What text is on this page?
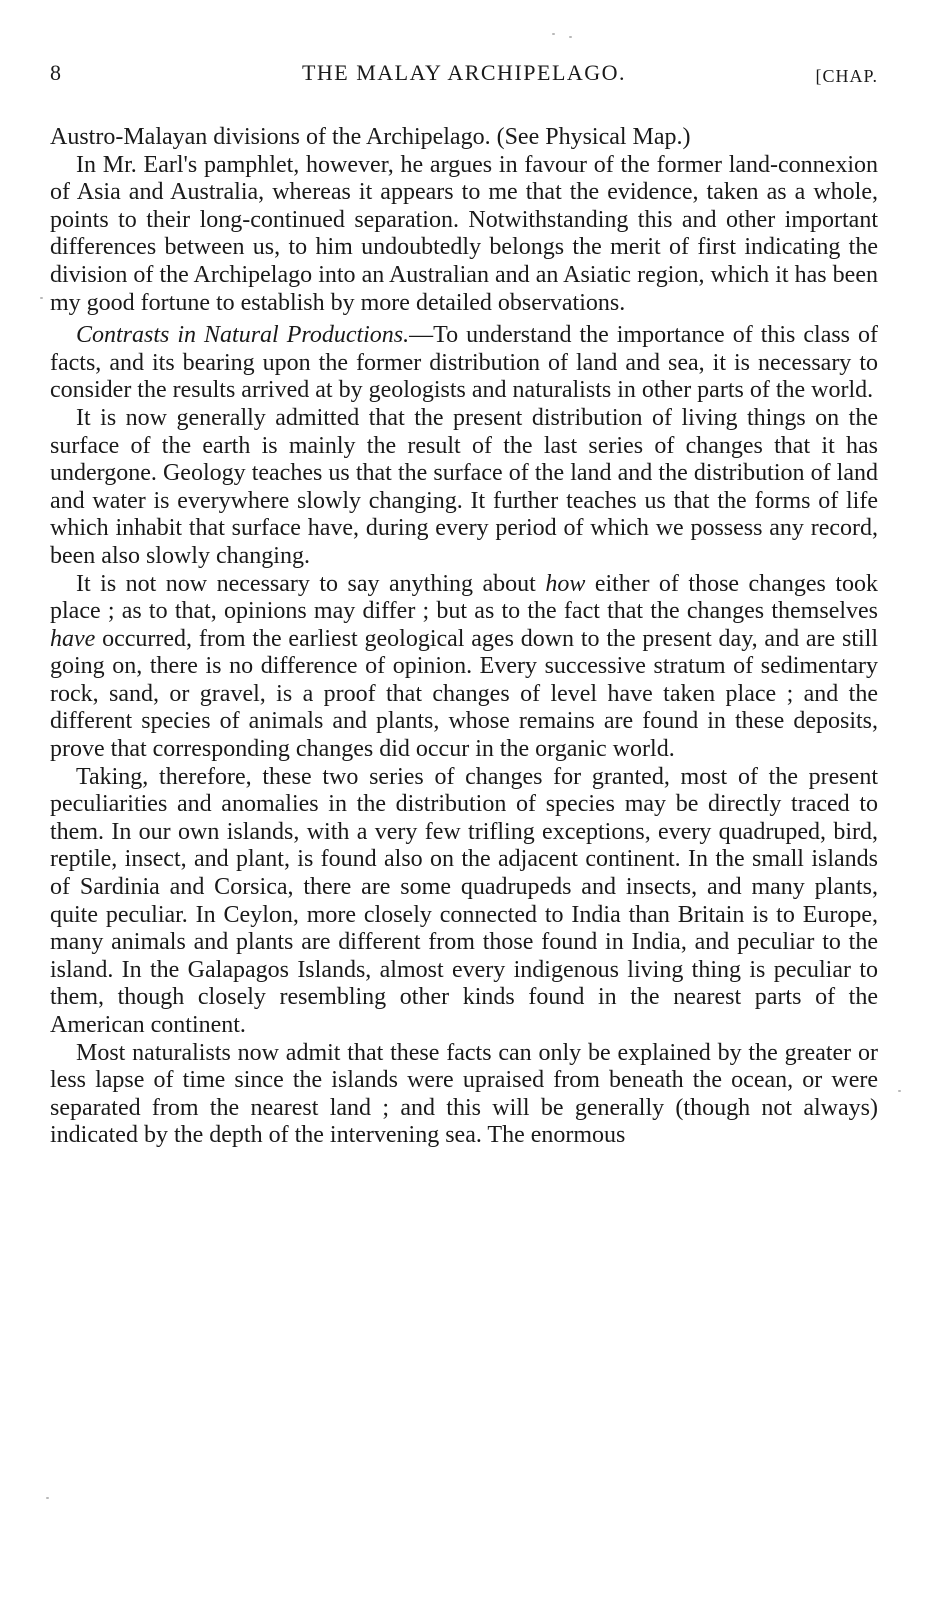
8	THE MALAY ARCHIPELAGO.	[CHAP.

Austro-Malayan divisions of the Archipelago. (See Physical Map.)

In Mr. Earl's pamphlet, however, he argues in favour of the former land-connexion of Asia and Australia, whereas it appears to me that the evidence, taken as a whole, points to their long-continued separation. Notwithstanding this and other important differences between us, to him undoubtedly belongs the merit of first indicating the division of the Archipelago into an Australian and an Asiatic region, which it has been my good fortune to establish by more detailed observations.

Contrasts in Natural Productions.—To understand the importance of this class of facts, and its bearing upon the former distribution of land and sea, it is necessary to consider the results arrived at by geologists and naturalists in other parts of the world.

It is now generally admitted that the present distribution of living things on the surface of the earth is mainly the result of the last series of changes that it has undergone. Geology teaches us that the surface of the land and the distribution of land and water is everywhere slowly changing. It further teaches us that the forms of life which inhabit that surface have, during every period of which we possess any record, been also slowly changing.

It is not now necessary to say anything about how either of those changes took place ; as to that, opinions may differ ; but as to the fact that the changes themselves have occurred, from the earliest geological ages down to the present day, and are still going on, there is no difference of opinion. Every successive stratum of sedimentary rock, sand, or gravel, is a proof that changes of level have taken place ; and the different species of animals and plants, whose remains are found in these deposits, prove that corresponding changes did occur in the organic world.

Taking, therefore, these two series of changes for granted, most of the present peculiarities and anomalies in the distribution of species may be directly traced to them. In our own islands, with a very few trifling exceptions, every quadruped, bird, reptile, insect, and plant, is found also on the adjacent continent. In the small islands of Sardinia and Corsica, there are some quadrupeds and insects, and many plants, quite peculiar. In Ceylon, more closely connected to India than Britain is to Europe, many animals and plants are different from those found in India, and peculiar to the island. In the Galapagos Islands, almost every indigenous living thing is peculiar to them, though closely resembling other kinds found in the nearest parts of the American continent.

Most naturalists now admit that these facts can only be explained by the greater or less lapse of time since the islands were upraised from beneath the ocean, or were separated from the nearest land ; and this will be generally (though not always) indicated by the depth of the intervening sea. The enormous
